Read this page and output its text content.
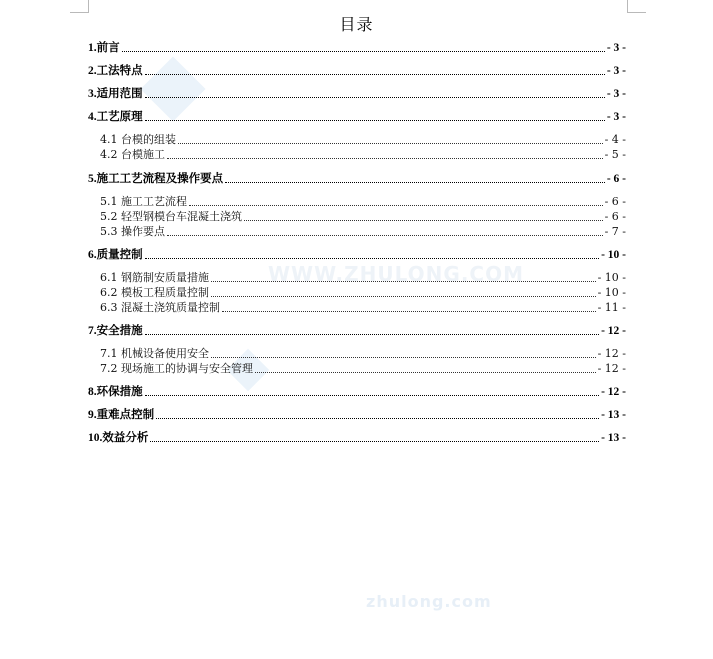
WWW.ZHULONG.COM
zhulong.com
目录
1.前言	- 3 -
2.工法特点	- 3 -
3.适用范围	- 3 -
4.工艺原理	- 3 -
4.1 台模的组装	- 4 -
4.2 台模施工	- 5 -
5.施工工艺流程及操作要点	- 6 -
5.1 施工工艺流程	- 6 -
5.2 轻型钢模台车混凝土浇筑	- 6 -
5.3 操作要点	- 7 -
6.质量控制	- 10 -
6.1 钢筋制安质量措施	- 10 -
6.2 模板工程质量控制	- 10 -
6.3 混凝土浇筑质量控制	- 11 -
7.安全措施	- 12 -
7.1 机械设备使用安全	- 12 -
7.2 现场施工的协调与安全管理	- 12 -
8.环保措施	- 12 -
9.重难点控制	- 13 -
10.效益分析	- 13 -
